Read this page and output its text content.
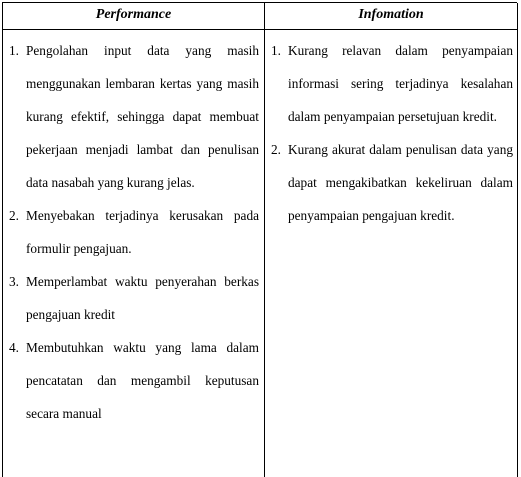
Performance
1. Pengolahan input data yang masih menggunakan lembaran kertas yang masih kurang efektif, sehingga dapat membuat pekerjaan menjadi lambat dan penulisan data nasabah yang kurang jelas.
2. Menyebakan terjadinya kerusakan pada formulir pengajuan.
3. Memperlambat waktu penyerahan berkas pengajuan kredit
4. Membutuhkan waktu yang lama dalam pencatatan dan mengambil keputusan secara manual
Infomation
1. Kurang relavan dalam penyampaian informasi sering terjadinya kesalahan dalam penyampaian persetujuan kredit.
2. Kurang akurat dalam penulisan data yang dapat mengakibatkan kekeliruan dalam penyampaian pengajuan kredit.
